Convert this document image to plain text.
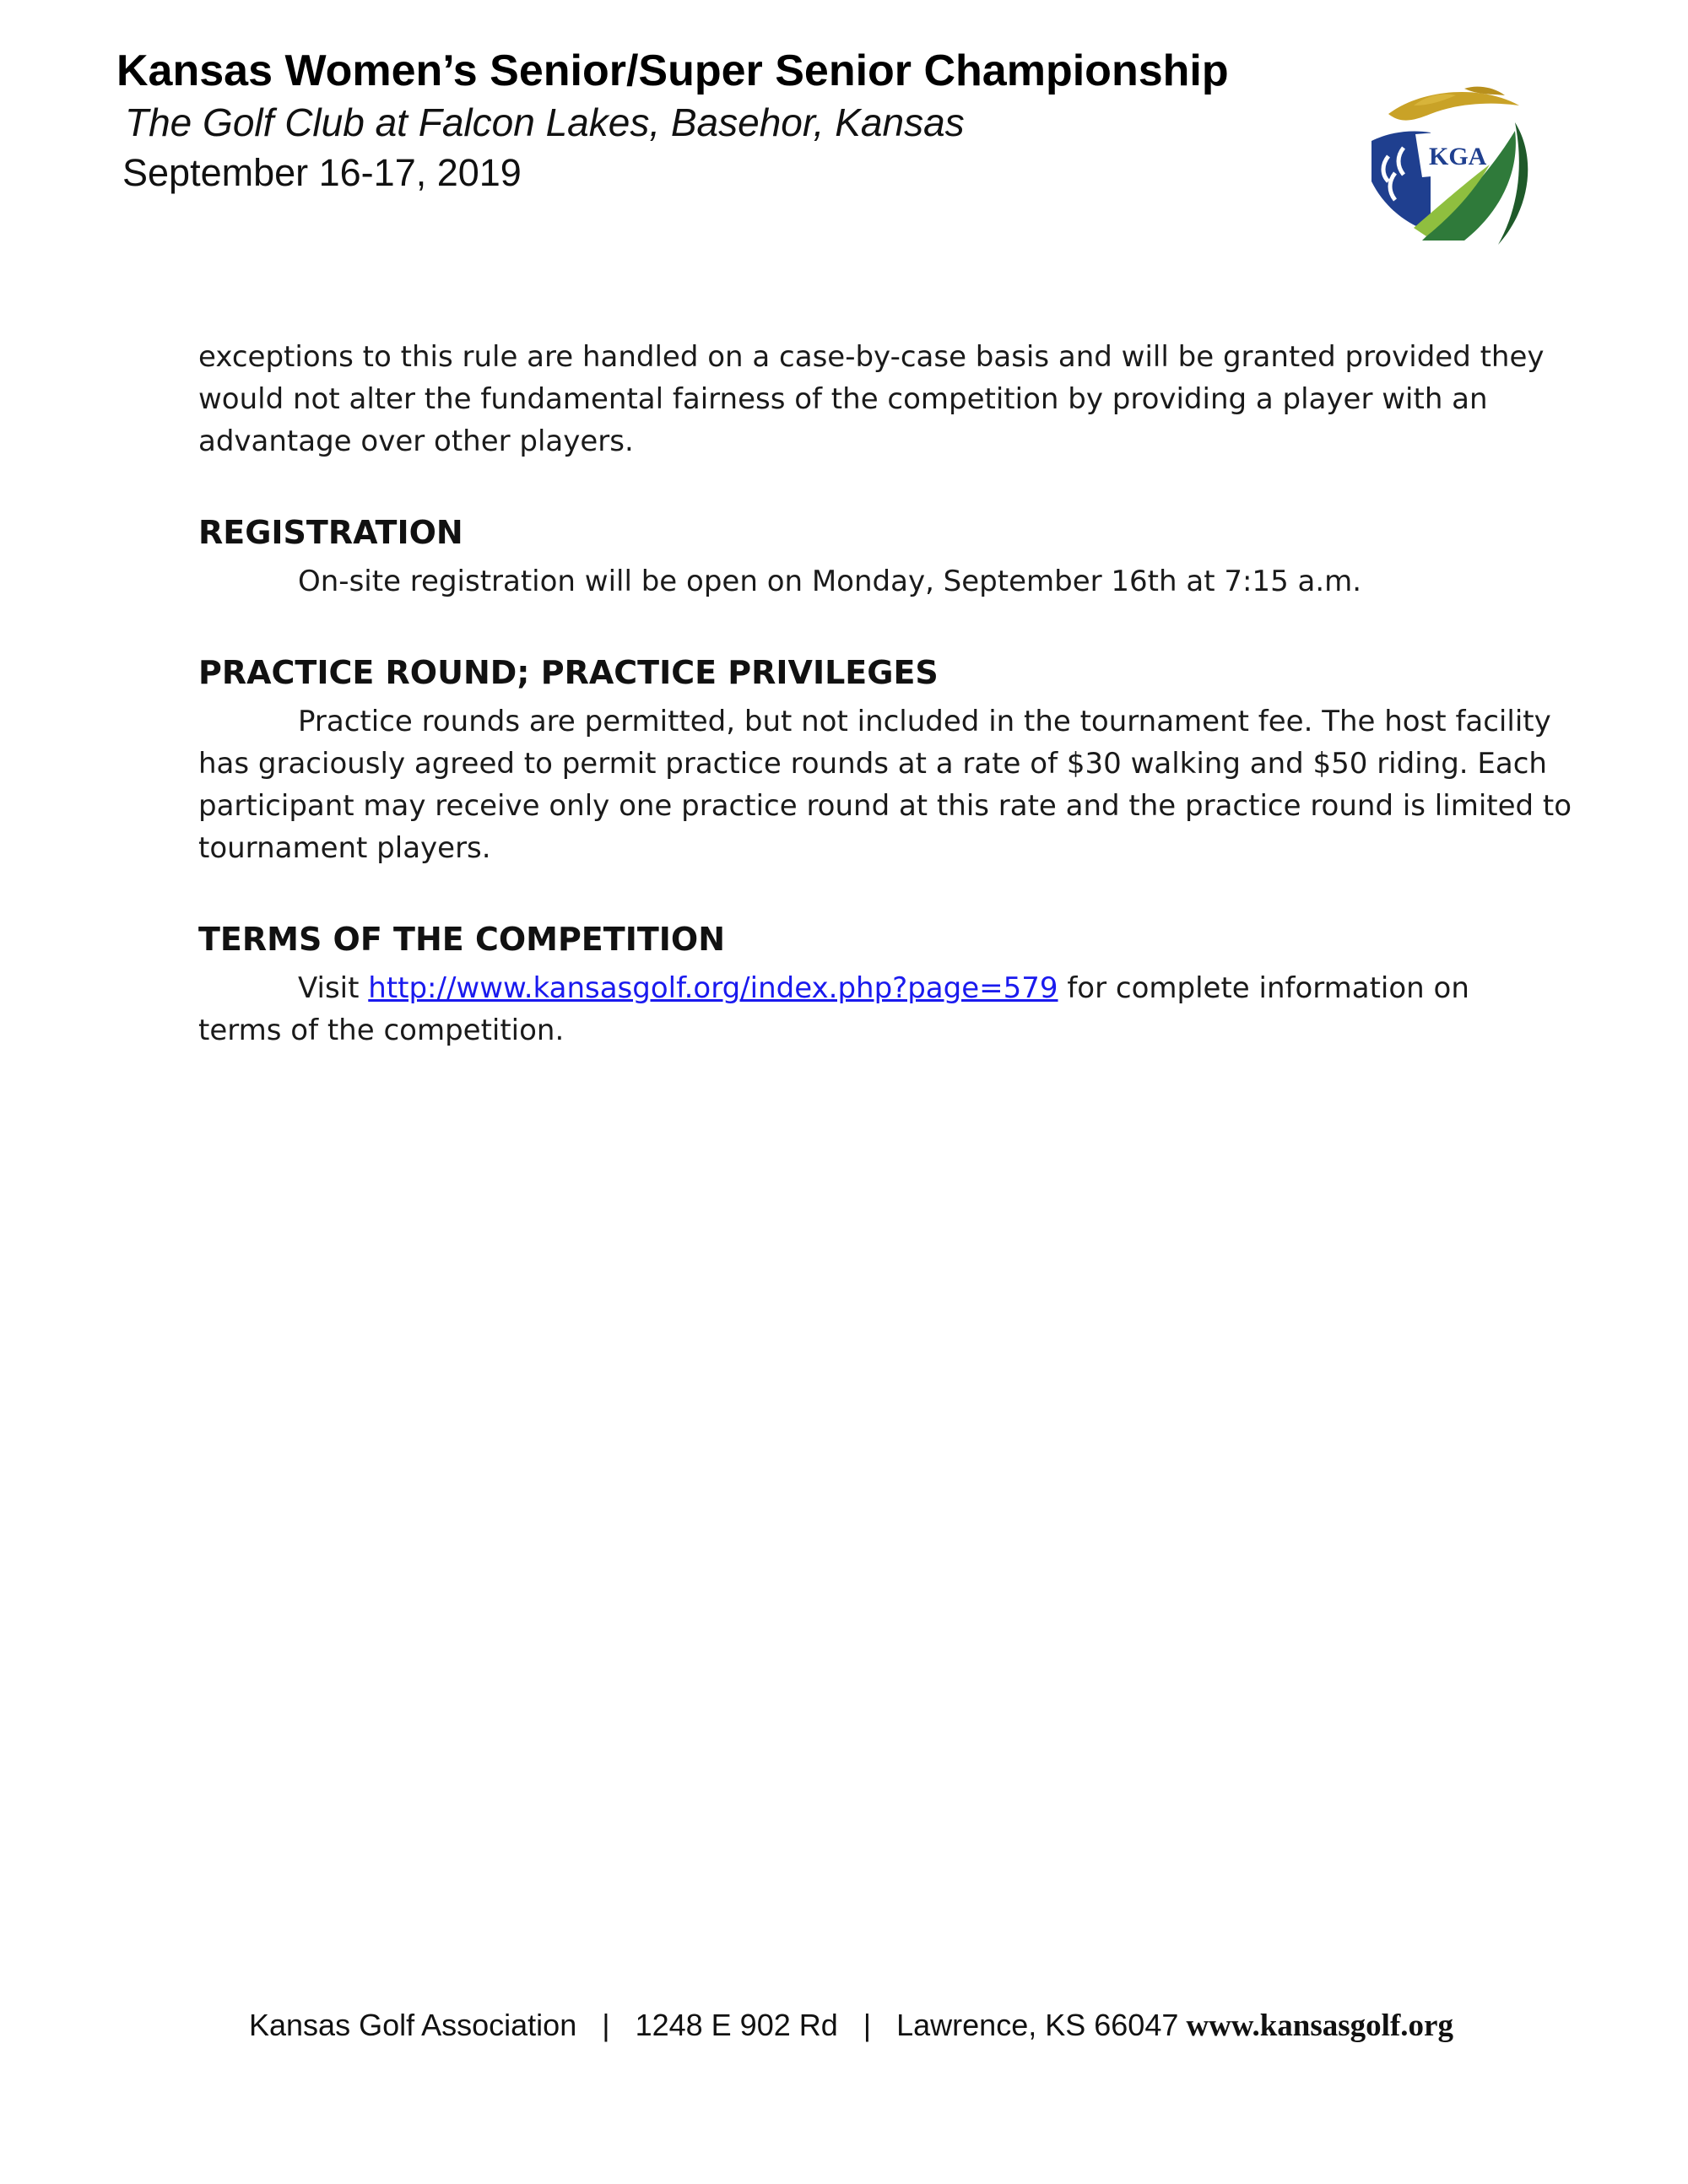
Kansas Women’s Senior/Super Senior Championship
The Golf Club at Falcon Lakes, Basehor, Kansas
September 16-17, 2019	KGA

exceptions to this rule are handled on a case-by-case basis and will be granted provided they

would not alter the fundamental fairness of the competition by providing a player with an

advantage over other players.

REGISTRATION

On-site registration will be open on Monday, September 16th at 7:15 a.m.

PRACTICE ROUND; PRACTICE PRIVILEGES

Practice rounds are permitted, but not included in the tournament fee. The host facility

has graciously agreed to permit practice rounds at a rate of $30 walking and $50 riding. Each

participant may receive only one practice round at this rate and the practice round is limited to

tournament players.

TERMS OF THE COMPETITION

Visit http://www.kansasgolf.org/index.php?page=579 for complete information on

terms of the competition.

Kansas Golf Association | 1248 E 902 Rd | Lawrence, KS 66047 www.kansasgolf.org
